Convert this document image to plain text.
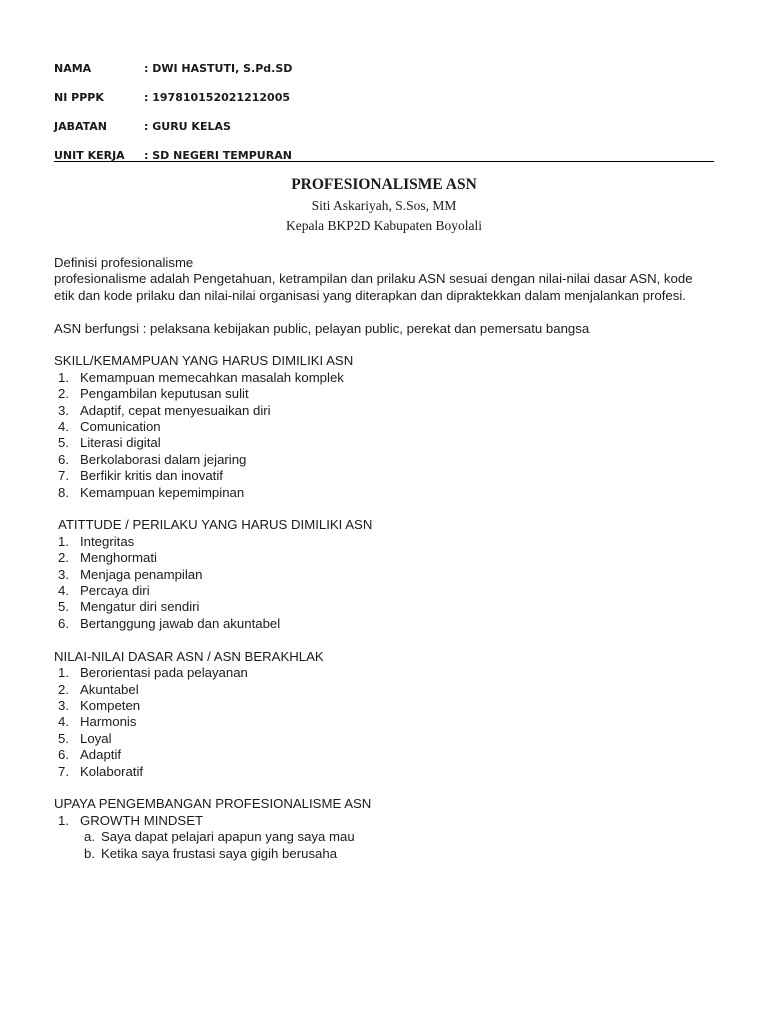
NAMA	: DWI HASTUTI, S.Pd.SD
NI PPPK	: 197810152021212005
JABATAN	: GURU KELAS
UNIT KERJA	: SD NEGERI TEMPURAN
PROFESIONALISME ASN
Siti Askariyah, S.Sos, MM
Kepala BKP2D Kabupaten Boyolali

Definisi profesionalisme

profesionalisme adalah Pengetahuan, ketrampilan dan prilaku ASN sesuai dengan nilai-nilai dasar ASN, kode etik dan kode prilaku dan nilai-nilai organisasi yang diterapkan dan dipraktekkan dalam menjalankan profesi.

ASN berfungsi : pelaksana kebijakan public, pelayan public, perekat dan pemersatu bangsa

SKILL/KEMAMPUAN YANG HARUS DIMILIKI ASN

1. Kemampuan memecahkan masalah komplek
2. Pengambilan keputusan sulit
3. Adaptif, cepat menyesuaikan diri
4. Comunication
5. Literasi digital
6. Berkolaborasi dalam jejaring
7. Berfikir kritis dan inovatif
8. Kemampuan kepemimpinan

ATITTUDE / PERILAKU YANG HARUS DIMILIKI ASN

1. Integritas
2. Menghormati
3. Menjaga penampilan
4. Percaya diri
5. Mengatur diri sendiri
6. Bertanggung jawab dan akuntabel

NILAI-NILAI DASAR ASN / ASN BERAKHLAK

1. Berorientasi pada pelayanan
2. Akuntabel
3. Kompeten
4. Harmonis
5. Loyal
6. Adaptif
7. Kolaboratif

UPAYA PENGEMBANGAN PROFESIONALISME ASN

1. GROWTH MINDSET
a. Saya dapat pelajari apapun yang saya mau
b. Ketika saya frustasi saya gigih berusaha
